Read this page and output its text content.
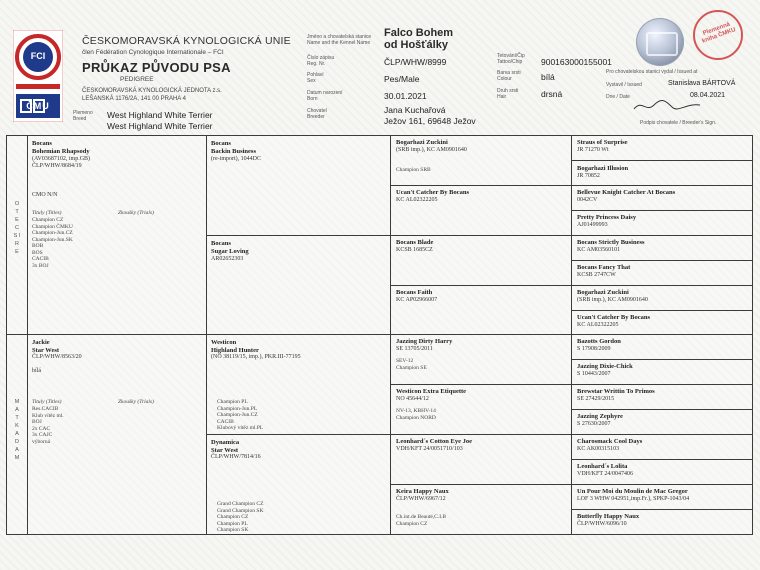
FCI
ČMU
ČESKOMORAVSKÁ KYNOLOGICKÁ UNIE
člen Fédération Cynologique Internationale – FCI
PRŮKAZ PŮVODU PSA
PEDIGREE
ČESKOMORAVSKÁ KYNOLOGICKÁ JEDNOTA z.s.
LEŠANSKÁ 1176/2A, 141 00 PRAHA 4
Plemeno
Breed West Highland White Terrier
West Highland White Terrier
Jméno a chovatelská stanice
Name and the Kennel Name
Číslo zápisu
Reg. Nr.
Pohlaví
Sex
Datum narození
Born
Chovatel
Breeder
Falco Bohem
od Hošťálky
ČLP/WHW/8999
Pes/Male
30.01.2021
Jana Kuchařová
Ježov 161, 69648 Ježov
Tetování/Čip
Tattoo/Chip
Barva srsti
Colour
Druh srsti
Hair
900163000155001
bílá
drsná
Plemenná kniha ČMKU
Pro chovatelskou stanici vydal / Issued at
Vystavil / Issued
Dne / Date
Stanislava BÁRTOVÁ
08.04.2021
Podpis chovatele / Breeder's Sign.
O T E C S I R E
M A T K A D A M
Bocans
Bohemian Rhapsody
(AV03687102, imp.GB)
ČLP/WHW/8684/19
CMO N/N
Tituly (Titles)	Zkoušky (Trials)
Champion CZ
Champion ČMKU
Champion-Jun.CZ
Champion-Jun.SK
BOB
BOS
CACIB
3x BOJ
Jackie
Star West
ČLP/WHW/8563/20
bílá
Tituly (Titles)	Zkoušky (Trials)
Res.CACIB
Klub vítěz ml.
BOJ
2x CAC
3x CAJC
výborná
Bocans
Backin Business
(re-import), 1044DC
Bocans
Sugar Loving
AR02652303
Westicon
Highland Hunter
(NO 38119/15, imp.), PKR.III-77195
Champion PL
Champion-Jun.PL
Champion-Jun.CZ
CACIB
Klubový vítěz ml.PL
Dynamica
Star West
ČLP/WHW/7814/16
Grand Champion CZ
Grand Champion SK
Champion CZ
Champion PL
Champion SK
Bogarhazi Zuckini
(SRB imp.), KC AM0901640
Champion SRB
Ucan't Catcher By Bocans
KC AL02322205
Bocans Blade
KCSB 1685CZ
Bocans Faith
KC AP02966007
Jazzing Dirty Harry
SE 13705/2011
SEV-12
Champion SE
Westicon Extra Etiquette
NO 45644/12
NV-13, KBHV-14
Champion NORD
Leonhard´s Cotton Eye Joe
VDH/KFT 24/0051710/103
Keira Happy Naux
ČLP/WHW/6967/12
Ch.int.de Beauté,C.I.B
Champion CZ
Straus of Surprise
JR 71270 Wt
Bogarhazi Illusion
JR 70852
Bellevue Knight Catcher At Bocans
0042CV
Pretty Princess Daisy
AJ01499993
Bocans Strictly Business
KC AM03560101
Bocans Fancy That
KCSB 2747CW
Bogarhazi Zuckini
(SRB imp.), KC AM0901640
Ucan't Catcher By Bocans
KC AL02322205
Bazotts Gordon
S 17908/2009
Jazzing Dixie-Chick
S 10443/2007
Brewstar Writtin To Primos
SE 27429/2015
Jazzing Zephyre
S 27630/2007
Charosmack Cool Days
KC AK00315103
Leonhard´s Lolita
VDH/KFT 24/0047406
Un Pour Moi du Moulin de Mac Gregor
LOF 3 WHW 042951,imp.Fr.), SPKP-1043/04
Butterfly Happy Naux
ČLP/WHW/6096/10
